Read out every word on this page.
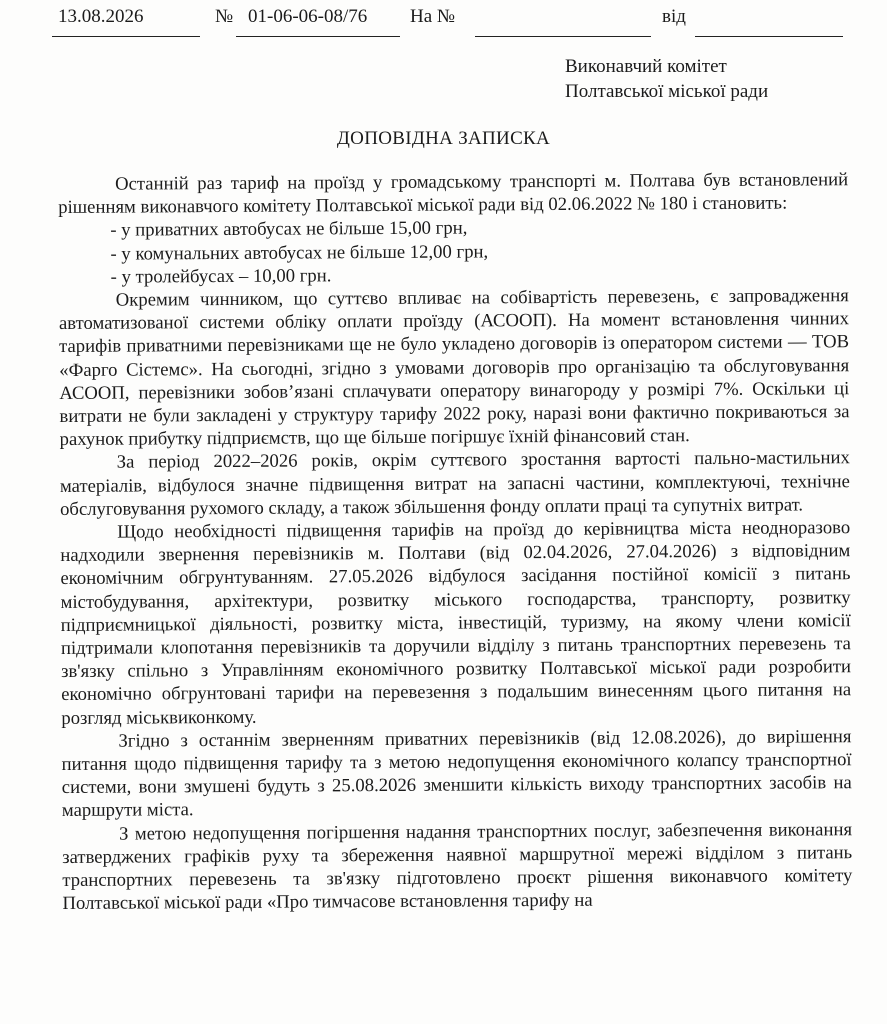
13.08.2026	№ 01-06-06-08/76 На №	від
Виконавчий комітет
Полтавської міської ради
ДОПОВІДНА ЗАПИСКА

Останній раз тариф на проїзд у громадському транспорті м. Полтава був встановлений рішенням виконавчого комітету Полтавської міської ради від 02.06.2022 № 180 і становить:

- у приватних автобусах не більше 15,00 грн,
- у комунальних автобусах не більше 12,00 грн,
- у тролейбусах – 10,00 грн.

Окремим чинником, що суттєво впливає на собівартість перевезень, є запровадження автоматизованої системи обліку оплати проїзду (АСООП). На момент встановлення чинних тарифів приватними перевізниками ще не було укладено договорів із оператором системи — ТОВ «Фарго Сістемс». На сьогодні, згідно з умовами договорів про організацію та обслуговування АСООП, перевізники зобов’язані сплачувати оператору винагороду у розмірі 7%. Оскільки ці витрати не були закладені у структуру тарифу 2022 року, наразі вони фактично покриваються за рахунок прибутку підприємств, що ще більше погіршує їхній фінансовий стан.

За період 2022–2026 років, окрім суттєвого зростання вартості пально-мастильних матеріалів, відбулося значне підвищення витрат на запасні частини, комплектуючі, технічне обслуговування рухомого складу, а також збільшення фонду оплати праці та супутніх витрат.

Щодо необхідності підвищення тарифів на проїзд до керівництва міста неодноразово надходили звернення перевізників м. Полтави (від 02.04.2026, 27.04.2026) з відповідним економічним обгрунтуванням. 27.05.2026 відбулося засідання постійної комісії з питань містобудування, архітектури, розвитку міського господарства, транспорту, розвитку підприємницької діяльності, розвитку міста, інвестицій, туризму, на якому члени комісії підтримали клопотання перевізників та доручили відділу з питань транспортних перевезень та зв'язку спільно з Управлінням економічного розвитку Полтавської міської ради розробити економічно обгрунтовані тарифи на перевезення з подальшим винесенням цього питання на розгляд міськвиконкому.

Згідно з останнім зверненням приватних перевізників (від 12.08.2026), до вирішення питання щодо підвищення тарифу та з метою недопущення економічного колапсу транспортної системи, вони змушені будуть з 25.08.2026 зменшити кількість виходу транспортних засобів на маршрути міста.

З метою недопущення погіршення надання транспортних послуг, забезпечення виконання затверджених графіків руху та збереження наявної маршрутної мережі відділом з питань транспортних перевезень та зв'язку підготовлено проєкт рішення виконавчого комітету Полтавської міської ради «Про тимчасове встановлення тарифу на
